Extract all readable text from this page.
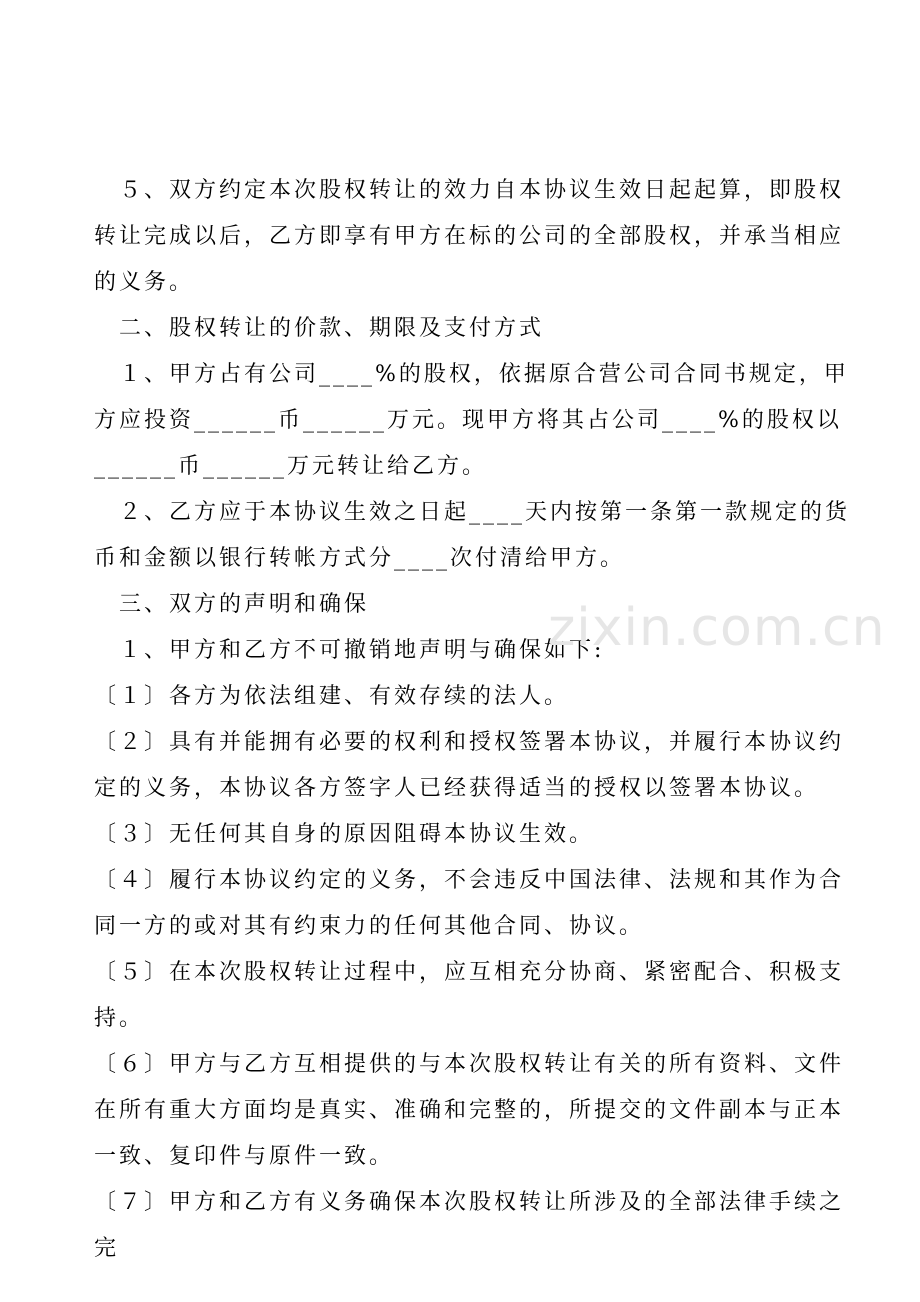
　５、双方约定本次股权转让的效力自本协议生效日起起算，即股权转让完成以后，乙方即享有甲方在标的公司的全部股权，并承当相应的义务。

　二、股权转让的价款、期限及支付方式

　１、甲方占有公司____%的股权，依据原合营公司合同书规定，甲方应投资______币______万元。现甲方将其占公司____%的股权以______币______万元转让给乙方。

　２、乙方应于本协议生效之日起____天内按第一条第一款规定的货币和金额以银行转帐方式分____次付清给甲方。

　三、双方的声明和确保

　１、甲方和乙方不可撤销地声明与确保如下:

〔１〕各方为依法组建、有效存续的法人。

〔２〕具有并能拥有必要的权利和授权签署本协议，并履行本协议约定的义务，本协议各方签字人已经获得适当的授权以签署本协议。

〔３〕无任何其自身的原因阻碍本协议生效。

〔４〕履行本协议约定的义务，不会违反中国法律、法规和其作为合同一方的或对其有约束力的任何其他合同、协议。

〔５〕在本次股权转让过程中，应互相充分协商、紧密配合、积极支持。

〔６〕甲方与乙方互相提供的与本次股权转让有关的所有资料、文件在所有重大方面均是真实、准确和完整的，所提交的文件副本与正本一致、复印件与原件一致。

〔７〕甲方和乙方有义务确保本次股权转让所涉及的全部法律手续之完

zixin.com.cn
